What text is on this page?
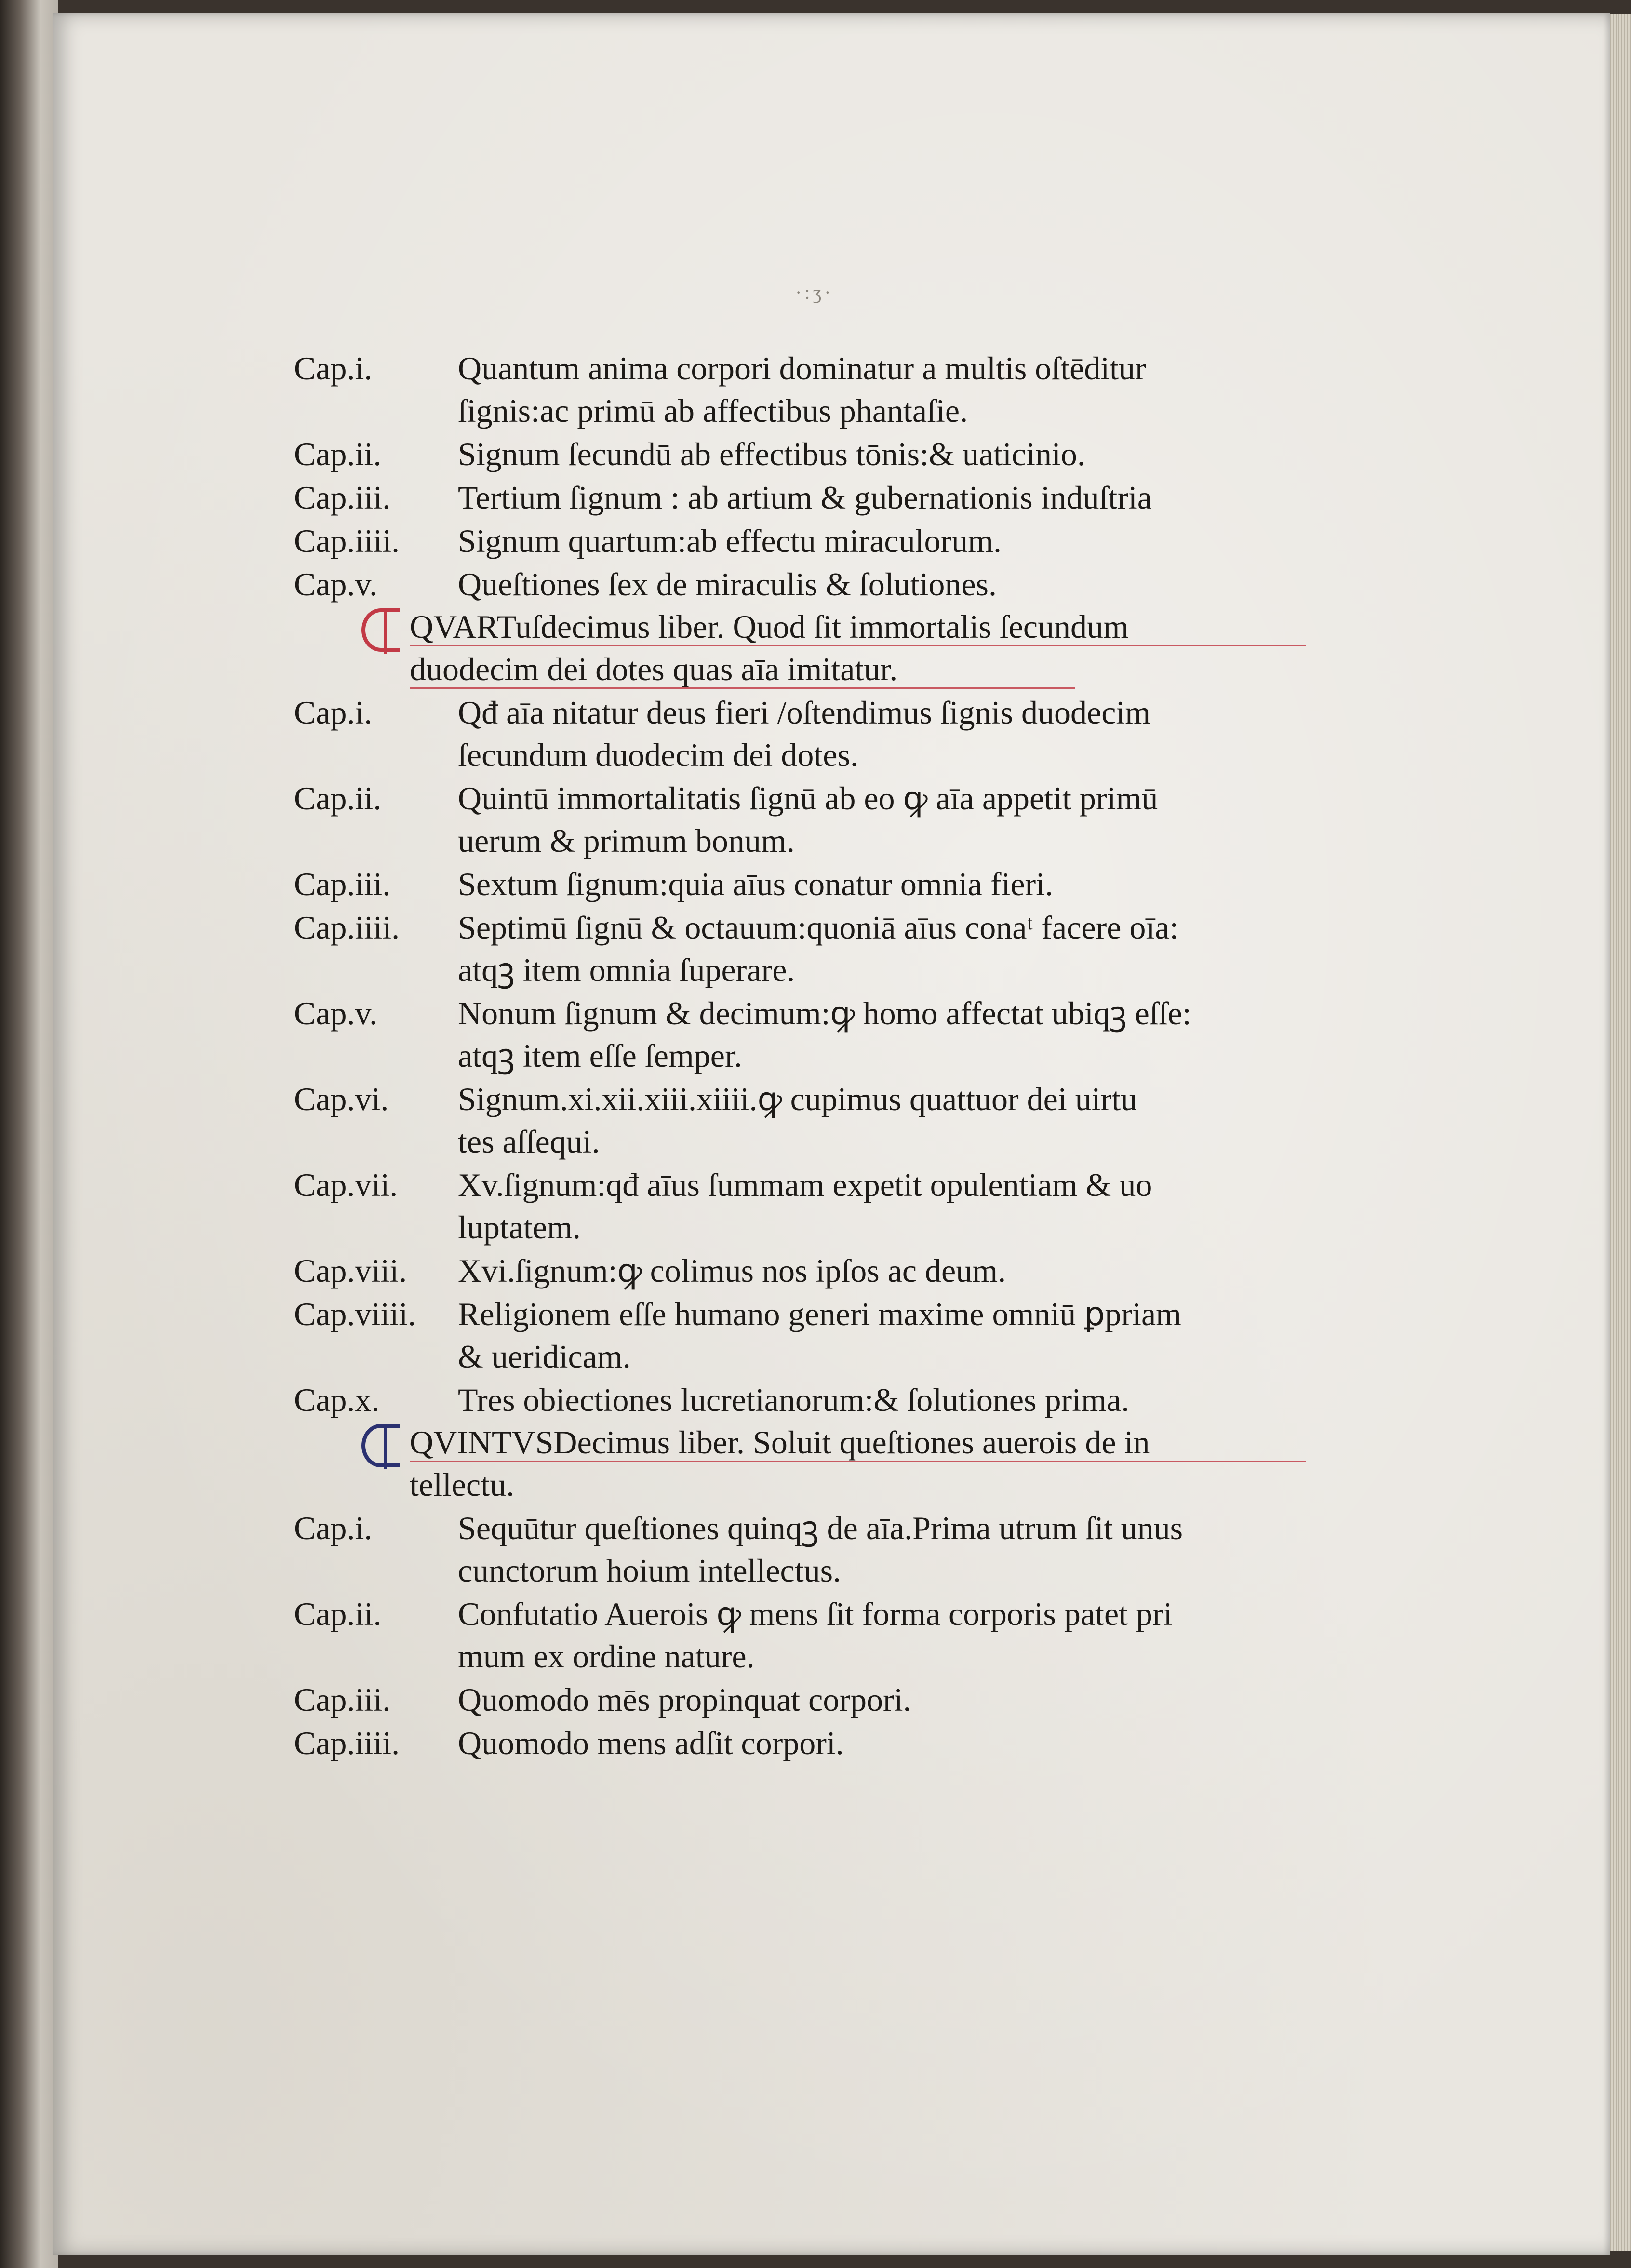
·:ʒ·
Cap.i.	Quantum anima corpori dominatur a multis oſtēditur
ſignis:ac primū ab affectibus phantaſie.
Cap.ii.	Signum ſecundū ab effectibus tōnis:& uaticinio.
Cap.iii.	Tertium ſignum : ab artium & gubernationis induſtria
Cap.iiii.	Signum quartum:ab effectu miraculorum.
Cap.v.	Queſtiones ſex de miraculis & ſolutiones.
QVARTuſdecimus liber. Quod ſit immortalis ſecundum
duodecim dei dotes quas aīa imitatur.
Cap.i.	Qđ aīa nitatur deus fieri /oſtendimus ſignis duodecim
ſecundum duodecim dei dotes.
Cap.ii.	Quintū immortalitatis ſignū ab eo ꝙ aīa appetit primū
uerum & primum bonum.
Cap.iii.	Sextum ſignum:quia aīus conatur omnia fieri.
Cap.iiii.	Septimū ſignū & octauum:quoniā aīus conaᵗ facere oīa:
atqꝫ item omnia ſuperare.
Cap.v.	Nonum ſignum & decimum:ꝙ homo affectat ubiqꝫ eſſe:
atqꝫ item eſſe ſemper.
Cap.vi.	Signum.xi.xii.xiii.xiiii.ꝙ cupimus quattuor dei uirtu
tes aſſequi.
Cap.vii.	Xv.ſignum:qđ aīus ſummam expetit opulentiam & uo
luptatem.
Cap.viii.	Xvi.ſignum:ꝙ colimus nos ipſos ac deum.
Cap.viiii.	Religionem eſſe humano generi maxime omniū ꝑpriam
& ueridicam.
Cap.x.	Tres obiectiones lucretianorum:& ſolutiones prima.
QVINTVSDecimus liber. Soluit queſtiones auerois de in
tellectu.
Cap.i.	Sequūtur queſtiones quinqꝫ de aīa.Prima utrum ſit unus
cunctorum hoium intellectus.
Cap.ii.	Confutatio Auerois ꝙ mens ſit forma corporis patet pri
mum ex ordine nature.
Cap.iii.	Quomodo mēs propinquat corpori.
Cap.iiii.	Quomodo mens adſit corpori.
